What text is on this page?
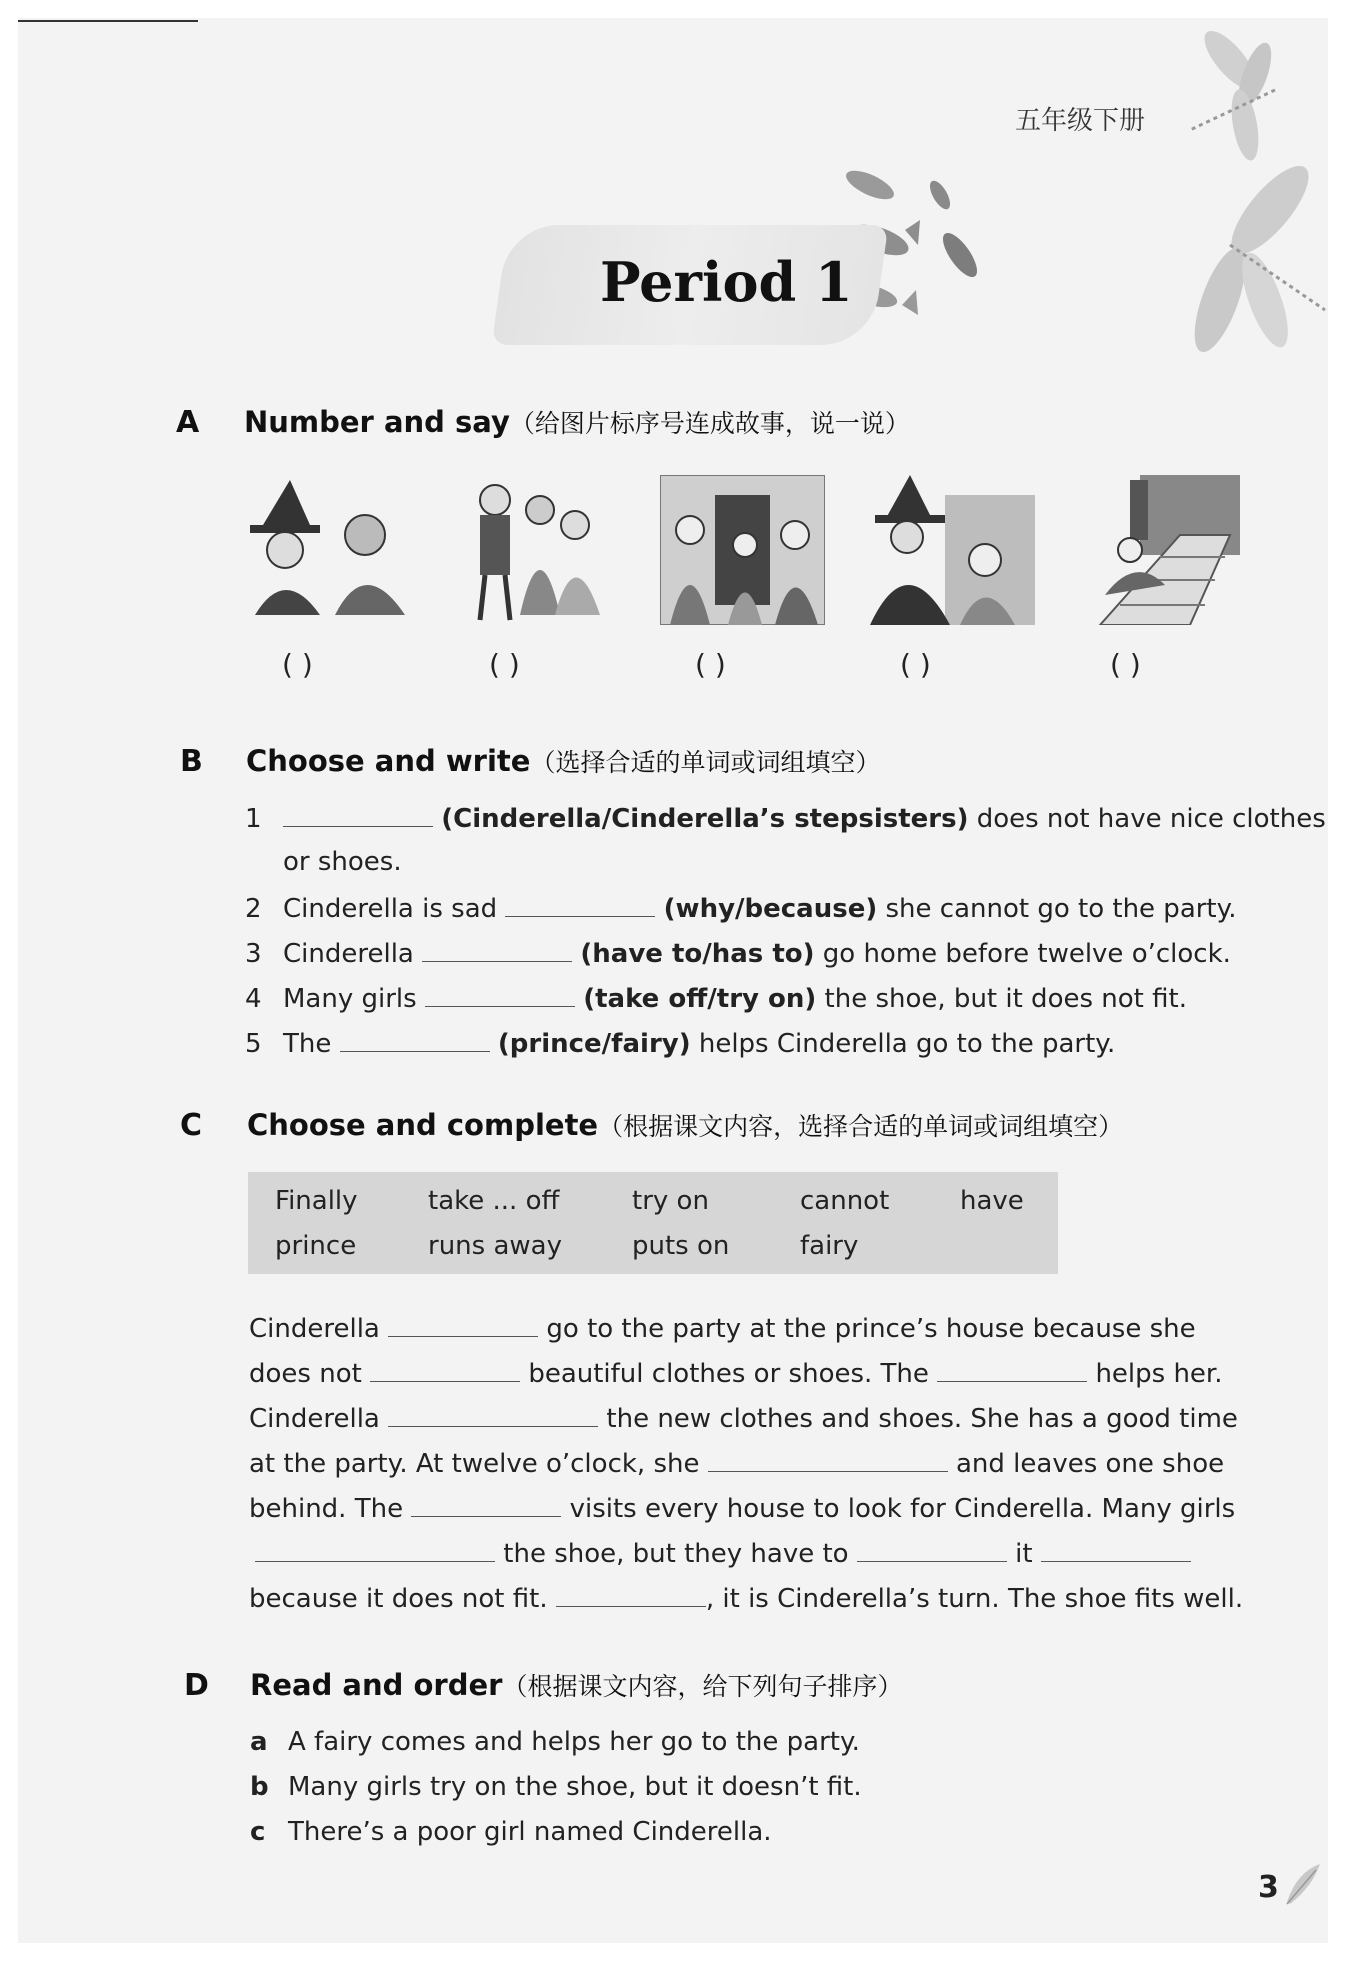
五年级下册
Period 1
A Number and say（给图片标序号连成故事，说一说）
( )	( )	( )	( )	( )
B Choose and write（选择合适的单词或词组填空）
1	(Cinderella/Cinderella’s stepsisters) does not have nice clothes
or shoes.
2 Cinderella is sad	(why/because) she cannot go to the party.
3 Cinderella	(have to/has to) go home before twelve o’clock.
4 Many girls	(take off/try on) the shoe, but it does not fit.
5 The	(prince/fairy) helps Cinderella go to the party.
C Choose and complete（根据课文内容，选择合适的单词或词组填空）
Finally	take ... off	try on	cannot	have
prince	runs away	puts on	fairy
Cinderella	go to the party at the prince’s house because she
does not	beautiful clothes or shoes. The	helps her.
Cinderella	the new clothes and shoes. She has a good time
at the party. At twelve o’clock, she	and leaves one shoe
behind. The	visits every house to look for Cinderella. Many girls
the shoe, but they have to	it
because it does not fit.	, it is Cinderella’s turn. The shoe fits well.
D Read and order（根据课文内容，给下列句子排序）
a A fairy comes and helps her go to the party.
b Many girls try on the shoe, but it doesn’t fit.
c There’s a poor girl named Cinderella.
3
